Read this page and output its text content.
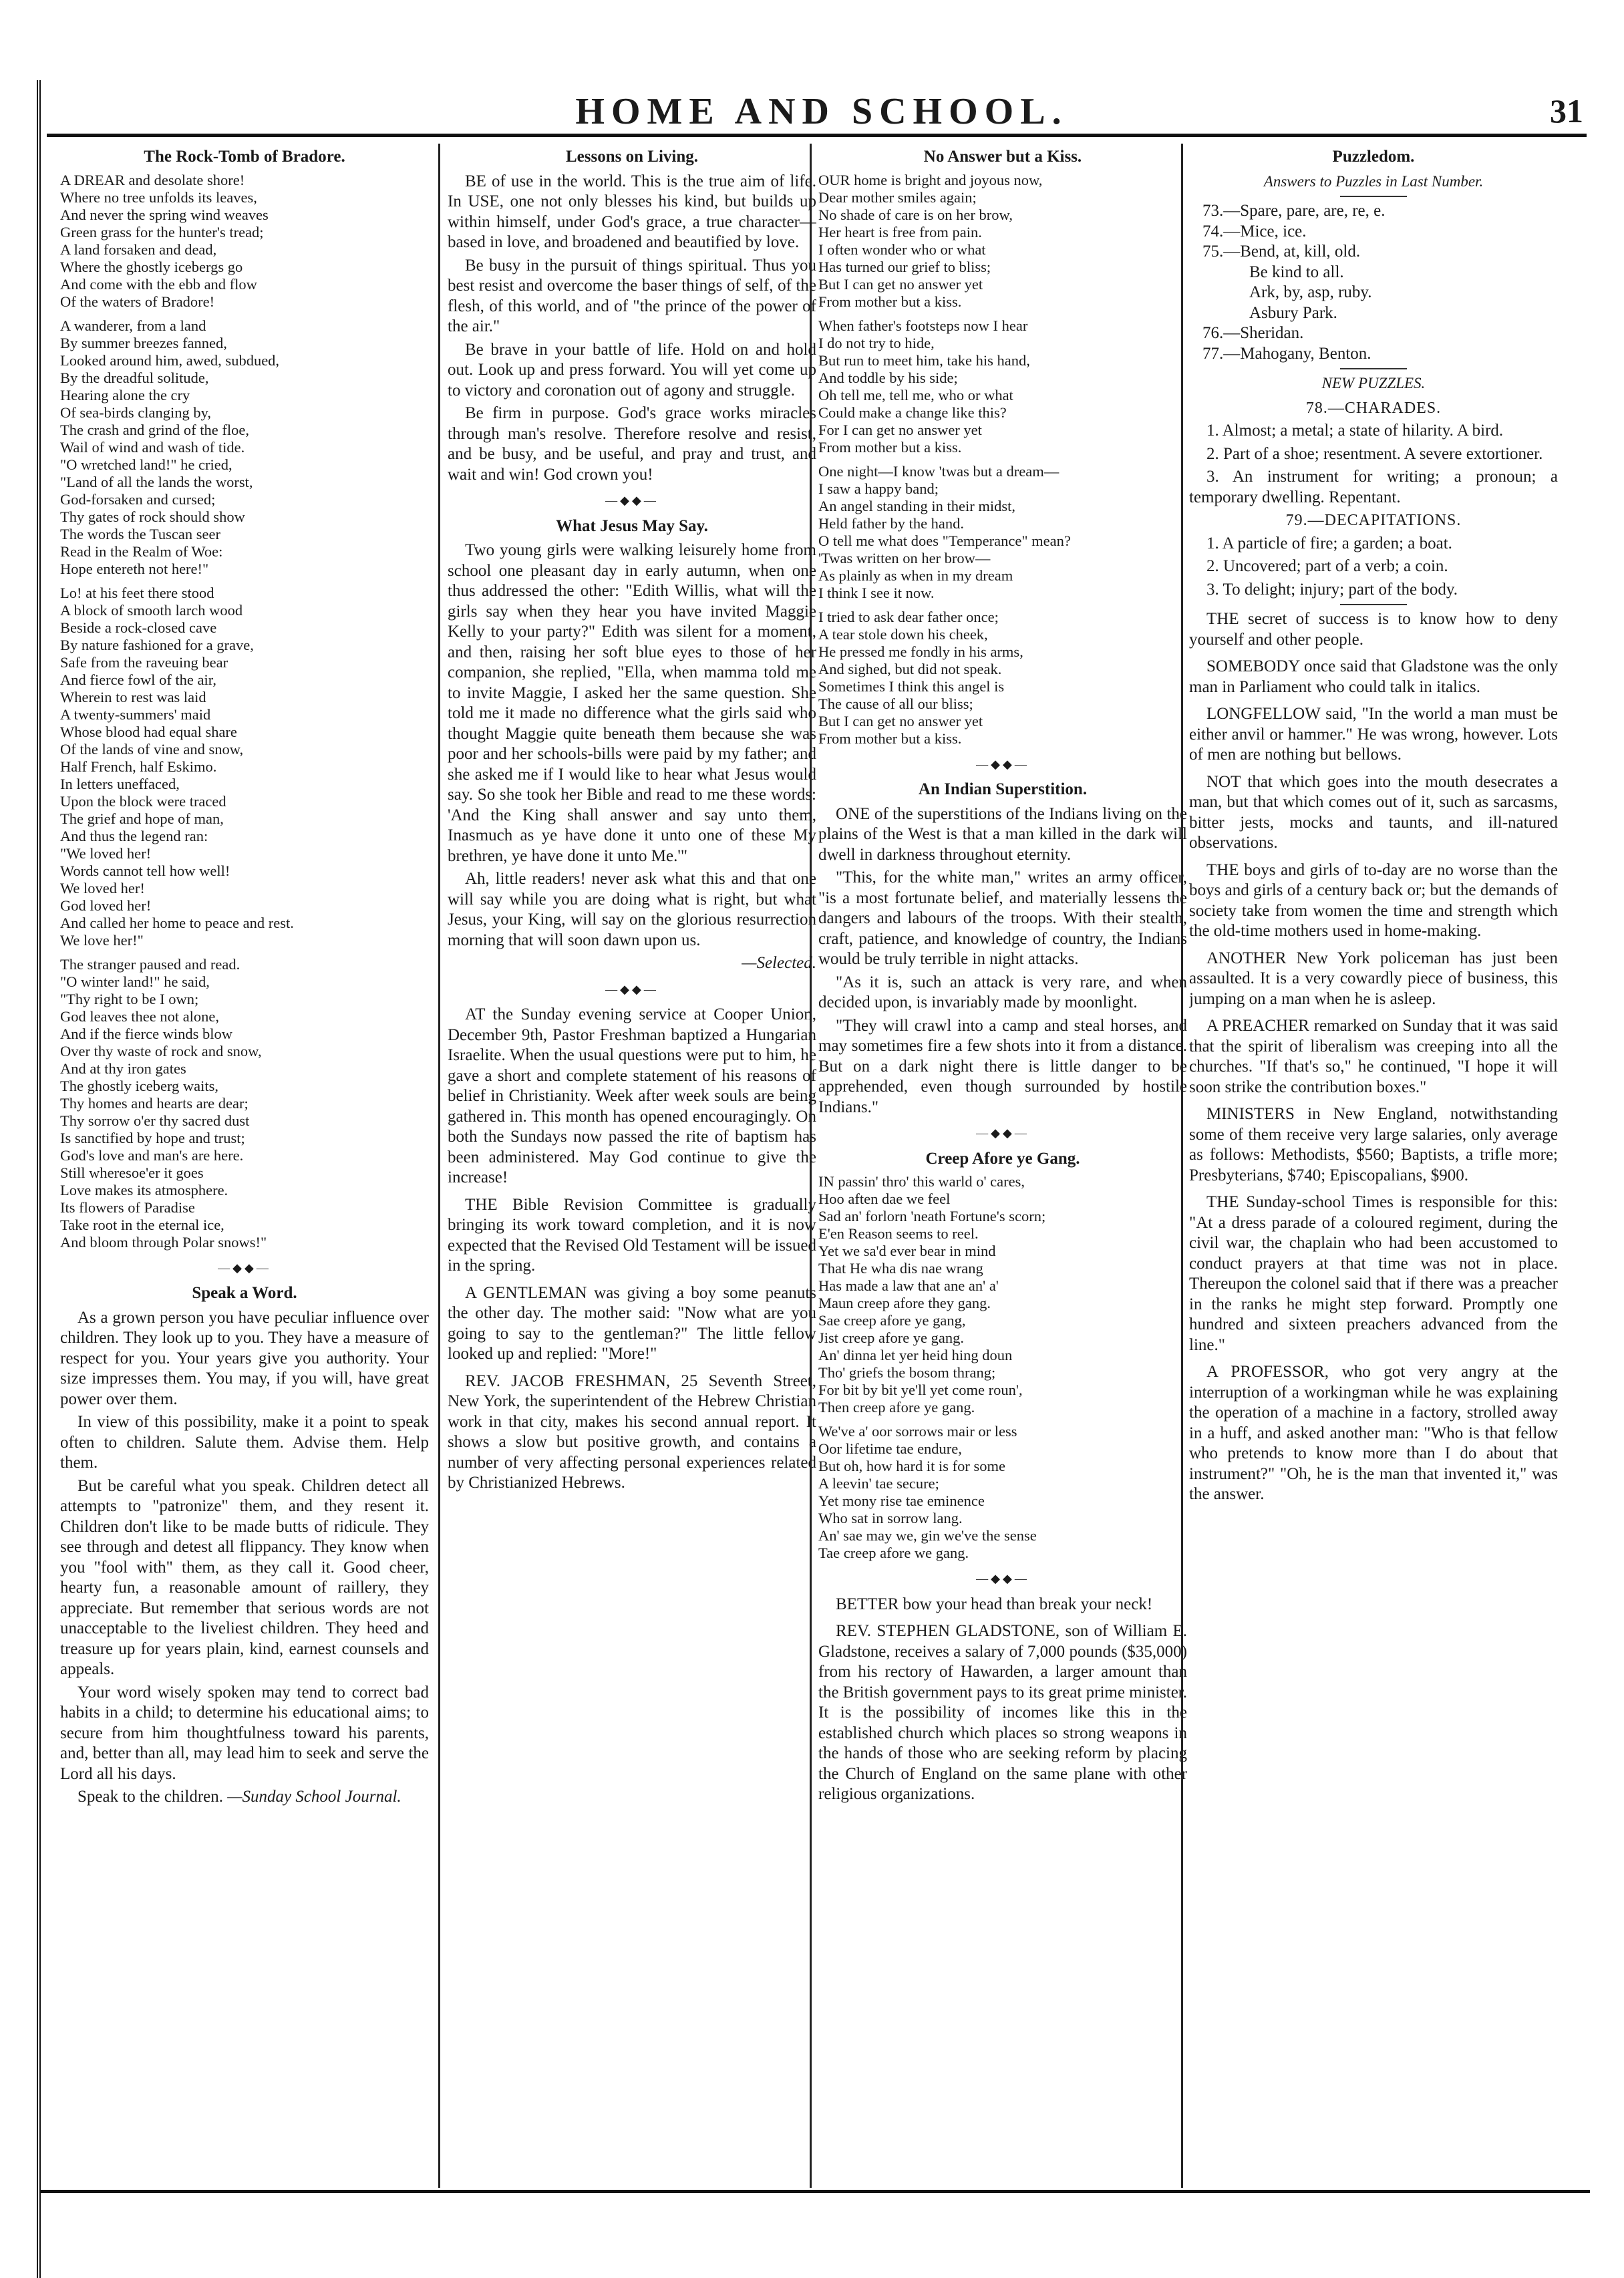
HOME AND SCHOOL.	31
The Rock-Tomb of Bradore.
A DREAR and desolate shore!
Where no tree unfolds its leaves,
And never the spring wind weaves
Green grass for the hunter's tread;
A land forsaken and dead,
Where the ghostly icebergs go
And come with the ebb and flow
Of the waters of Bradore!
A wanderer, from a land
By summer breezes fanned,
Looked around him, awed, subdued,
By the dreadful solitude,
Hearing alone the cry
Of sea-birds clanging by,
The crash and grind of the floe,
Wail of wind and wash of tide.
"O wretched land!" he cried,
"Land of all the lands the worst,
God-forsaken and cursed;
Thy gates of rock should show
The words the Tuscan seer
Read in the Realm of Woe:
Hope entereth not here!"
Lo! at his feet there stood
A block of smooth larch wood
Beside a rock-closed cave
By nature fashioned for a grave,
Safe from the raveuing bear
And fierce fowl of the air,
Wherein to rest was laid
A twenty-summers' maid
Whose blood had equal share
Of the lands of vine and snow,
Half French, half Eskimo.
In letters uneffaced,
Upon the block were traced
The grief and hope of man,
And thus the legend ran:
"We loved her!
Words cannot tell how well!
We loved her!
God loved her!
And called her home to peace and rest.
We love her!"
The stranger paused and read.
"O winter land!" he said,
"Thy right to be I own;
God leaves thee not alone,
And if the fierce winds blow
Over thy waste of rock and snow,
And at thy iron gates
The ghostly iceberg waits,
Thy homes and hearts are dear;
Thy sorrow o'er thy sacred dust
Is sanctified by hope and trust;
God's love and man's are here.
Still wheresoe'er it goes
Love makes its atmosphere.
Its flowers of Paradise
Take root in the eternal ice,
And bloom through Polar snows!"
—◆◆—
Speak a Word.

As a grown person you have peculiar influence over children. They look up to you. They have a measure of respect for you. Your years give you authority. Your size impresses them. You may, if you will, have great power over them.

In view of this possibility, make it a point to speak often to children. Salute them. Advise them. Help them.

But be careful what you speak. Children detect all attempts to "patronize" them, and they resent it. Children don't like to be made butts of ridicule. They see through and detest all flippancy. They know when you "fool with" them, as they call it. Good cheer, hearty fun, a reasonable amount of raillery, they appreciate. But remember that serious words are not unacceptable to the liveliest children. They heed and treasure up for years plain, kind, earnest counsels and appeals.

Your word wisely spoken may tend to correct bad habits in a child; to determine his educational aims; to secure from him thoughtfulness toward his parents, and, better than all, may lead him to seek and serve the Lord all his days.

Speak to the children. —Sunday School Journal.

Lessons on Living.

BE of use in the world. This is the true aim of life. In USE, one not only blesses his kind, but builds up within himself, under God's grace, a true character—based in love, and broadened and beautified by love.

Be busy in the pursuit of things spiritual. Thus you best resist and overcome the baser things of self, of the flesh, of this world, and of "the prince of the power of the air."

Be brave in your battle of life. Hold on and hold out. Look up and press forward. You will yet come up to victory and coronation out of agony and struggle.

Be firm in purpose. God's grace works miracles through man's resolve. Therefore resolve and resist, and be busy, and be useful, and pray and trust, and wait and win! God crown you!

—◆◆—
What Jesus May Say.

Two young girls were walking leisurely home from school one pleasant day in early autumn, when one thus addressed the other: "Edith Willis, what will the girls say when they hear you have invited Maggie Kelly to your party?" Edith was silent for a moment, and then, raising her soft blue eyes to those of her companion, she replied, "Ella, when mamma told me to invite Maggie, I asked her the same question. She told me it made no difference what the girls said who thought Maggie quite beneath them because she was poor and her schools-bills were paid by my father; and she asked me if I would like to hear what Jesus would say. So she took her Bible and read to me these words: 'And the King shall answer and say unto them, Inasmuch as ye have done it unto one of these My brethren, ye have done it unto Me.'"

Ah, little readers! never ask what this and that one will say while you are doing what is right, but what Jesus, your King, will say on the glorious resurrection morning that will soon dawn upon us.

—Selected.

—◆◆—

AT the Sunday evening service at Cooper Union, December 9th, Pastor Freshman baptized a Hungarian Israelite. When the usual questions were put to him, he gave a short and complete statement of his reasons of belief in Christianity. Week after week souls are being gathered in. This month has opened encouragingly. On both the Sundays now passed the rite of baptism has been administered. May God continue to give the increase!

THE Bible Revision Committee is gradually bringing its work toward completion, and it is now expected that the Revised Old Testament will be issued in the spring.

A GENTLEMAN was giving a boy some peanuts the other day. The mother said: "Now what are you going to say to the gentleman?" The little fellow looked up and replied: "More!"

REV. JACOB FRESHMAN, 25 Seventh Street, New York, the superintendent of the Hebrew Christian work in that city, makes his second annual report. It shows a slow but positive growth, and contains a number of very affecting personal experiences related by Christianized Hebrews.

No Answer but a Kiss.
OUR home is bright and joyous now,
Dear mother smiles again;
No shade of care is on her brow,
Her heart is free from pain.
I often wonder who or what
Has turned our grief to bliss;
But I can get no answer yet
From mother but a kiss.
When father's footsteps now I hear
I do not try to hide,
But run to meet him, take his hand,
And toddle by his side;
Oh tell me, tell me, who or what
Could make a change like this?
For I can get no answer yet
From mother but a kiss.
One night—I know 'twas but a dream—
I saw a happy band;
An angel standing in their midst,
Held father by the hand.
O tell me what does "Temperance" mean?
'Twas written on her brow—
As plainly as when in my dream
I think I see it now.
I tried to ask dear father once;
A tear stole down his cheek,
He pressed me fondly in his arms,
And sighed, but did not speak.
Sometimes I think this angel is
The cause of all our bliss;
But I can get no answer yet
From mother but a kiss.
—◆◆—
An Indian Superstition.

ONE of the superstitions of the Indians living on the plains of the West is that a man killed in the dark will dwell in darkness throughout eternity.

"This, for the white man," writes an army officer, "is a most fortunate belief, and materially lessens the dangers and labours of the troops. With their stealth, craft, patience, and knowledge of country, the Indians would be truly terrible in night attacks.

"As it is, such an attack is very rare, and when decided upon, is invariably made by moonlight.

"They will crawl into a camp and steal horses, and may sometimes fire a few shots into it from a distance. But on a dark night there is little danger to be apprehended, even though surrounded by hostile Indians."

—◆◆—
Creep Afore ye Gang.
IN passin' thro' this warld o' cares,
Hoo aften dae we feel
Sad an' forlorn 'neath Fortune's scorn;
E'en Reason seems to reel.
Yet we sa'd ever bear in mind
That He wha dis nae wrang
Has made a law that ane an' a'
Maun creep afore they gang.
Sae creep afore ye gang,
Jist creep afore ye gang.
An' dinna let yer heid hing doun
Tho' griefs the bosom thrang;
For bit by bit ye'll yet come roun',
Then creep afore ye gang.
We've a' oor sorrows mair or less
Oor lifetime tae endure,
But oh, how hard it is for some
A leevin' tae secure;
Yet mony rise tae eminence
Who sat in sorrow lang.
An' sae may we, gin we've the sense
Tae creep afore we gang.
—◆◆—

BETTER bow your head than break your neck!

REV. STEPHEN GLADSTONE, son of William E. Gladstone, receives a salary of 7,000 pounds ($35,000) from his rectory of Hawarden, a larger amount than the British government pays to its great prime minister. It is the possibility of incomes like this in the established church which places so strong weapons in the hands of those who are seeking reform by placing the Church of England on the same plane with other religious organizations.

Puzzledom.
Answers to Puzzles in Last Number.
73.—Spare, pare, are, re, e.
74.—Mice, ice.
75.—Bend, at, kill, old.
Be kind to all.
Ark, by, asp, ruby.
Asbury Park.
76.—Sheridan.
77.—Mahogany, Benton.
NEW PUZZLES.
78.—CHARADES.

1. Almost; a metal; a state of hilarity. A bird.

2. Part of a shoe; resentment. A severe extortioner.

3. An instrument for writing; a pronoun; a temporary dwelling. Repentant.

79.—DECAPITATIONS.

1. A particle of fire; a garden; a boat.

2. Uncovered; part of a verb; a coin.

3. To delight; injury; part of the body.

THE secret of success is to know how to deny yourself and other people.

SOMEBODY once said that Gladstone was the only man in Parliament who could talk in italics.

LONGFELLOW said, "In the world a man must be either anvil or hammer." He was wrong, however. Lots of men are nothing but bellows.

NOT that which goes into the mouth desecrates a man, but that which comes out of it, such as sarcasms, bitter jests, mocks and taunts, and ill-natured observations.

THE boys and girls of to-day are no worse than the boys and girls of a century back or; but the demands of society take from women the time and strength which the old-time mothers used in home-making.

ANOTHER New York policeman has just been assaulted. It is a very cowardly piece of business, this jumping on a man when he is asleep.

A PREACHER remarked on Sunday that it was said that the spirit of liberalism was creeping into all the churches. "If that's so," he continued, "I hope it will soon strike the contribution boxes."

MINISTERS in New England, notwithstanding some of them receive very large salaries, only average as follows: Methodists, $560; Baptists, a trifle more; Presbyterians, $740; Episcopalians, $900.

THE Sunday-school Times is responsible for this: "At a dress parade of a coloured regiment, during the civil war, the chaplain who had been accustomed to conduct prayers at that time was not in place. Thereupon the colonel said that if there was a preacher in the ranks he might step forward. Promptly one hundred and sixteen preachers advanced from the line."

A PROFESSOR, who got very angry at the interruption of a workingman while he was explaining the operation of a machine in a factory, strolled away in a huff, and asked another man: "Who is that fellow who pretends to know more than I do about that instrument?" "Oh, he is the man that invented it," was the answer.
